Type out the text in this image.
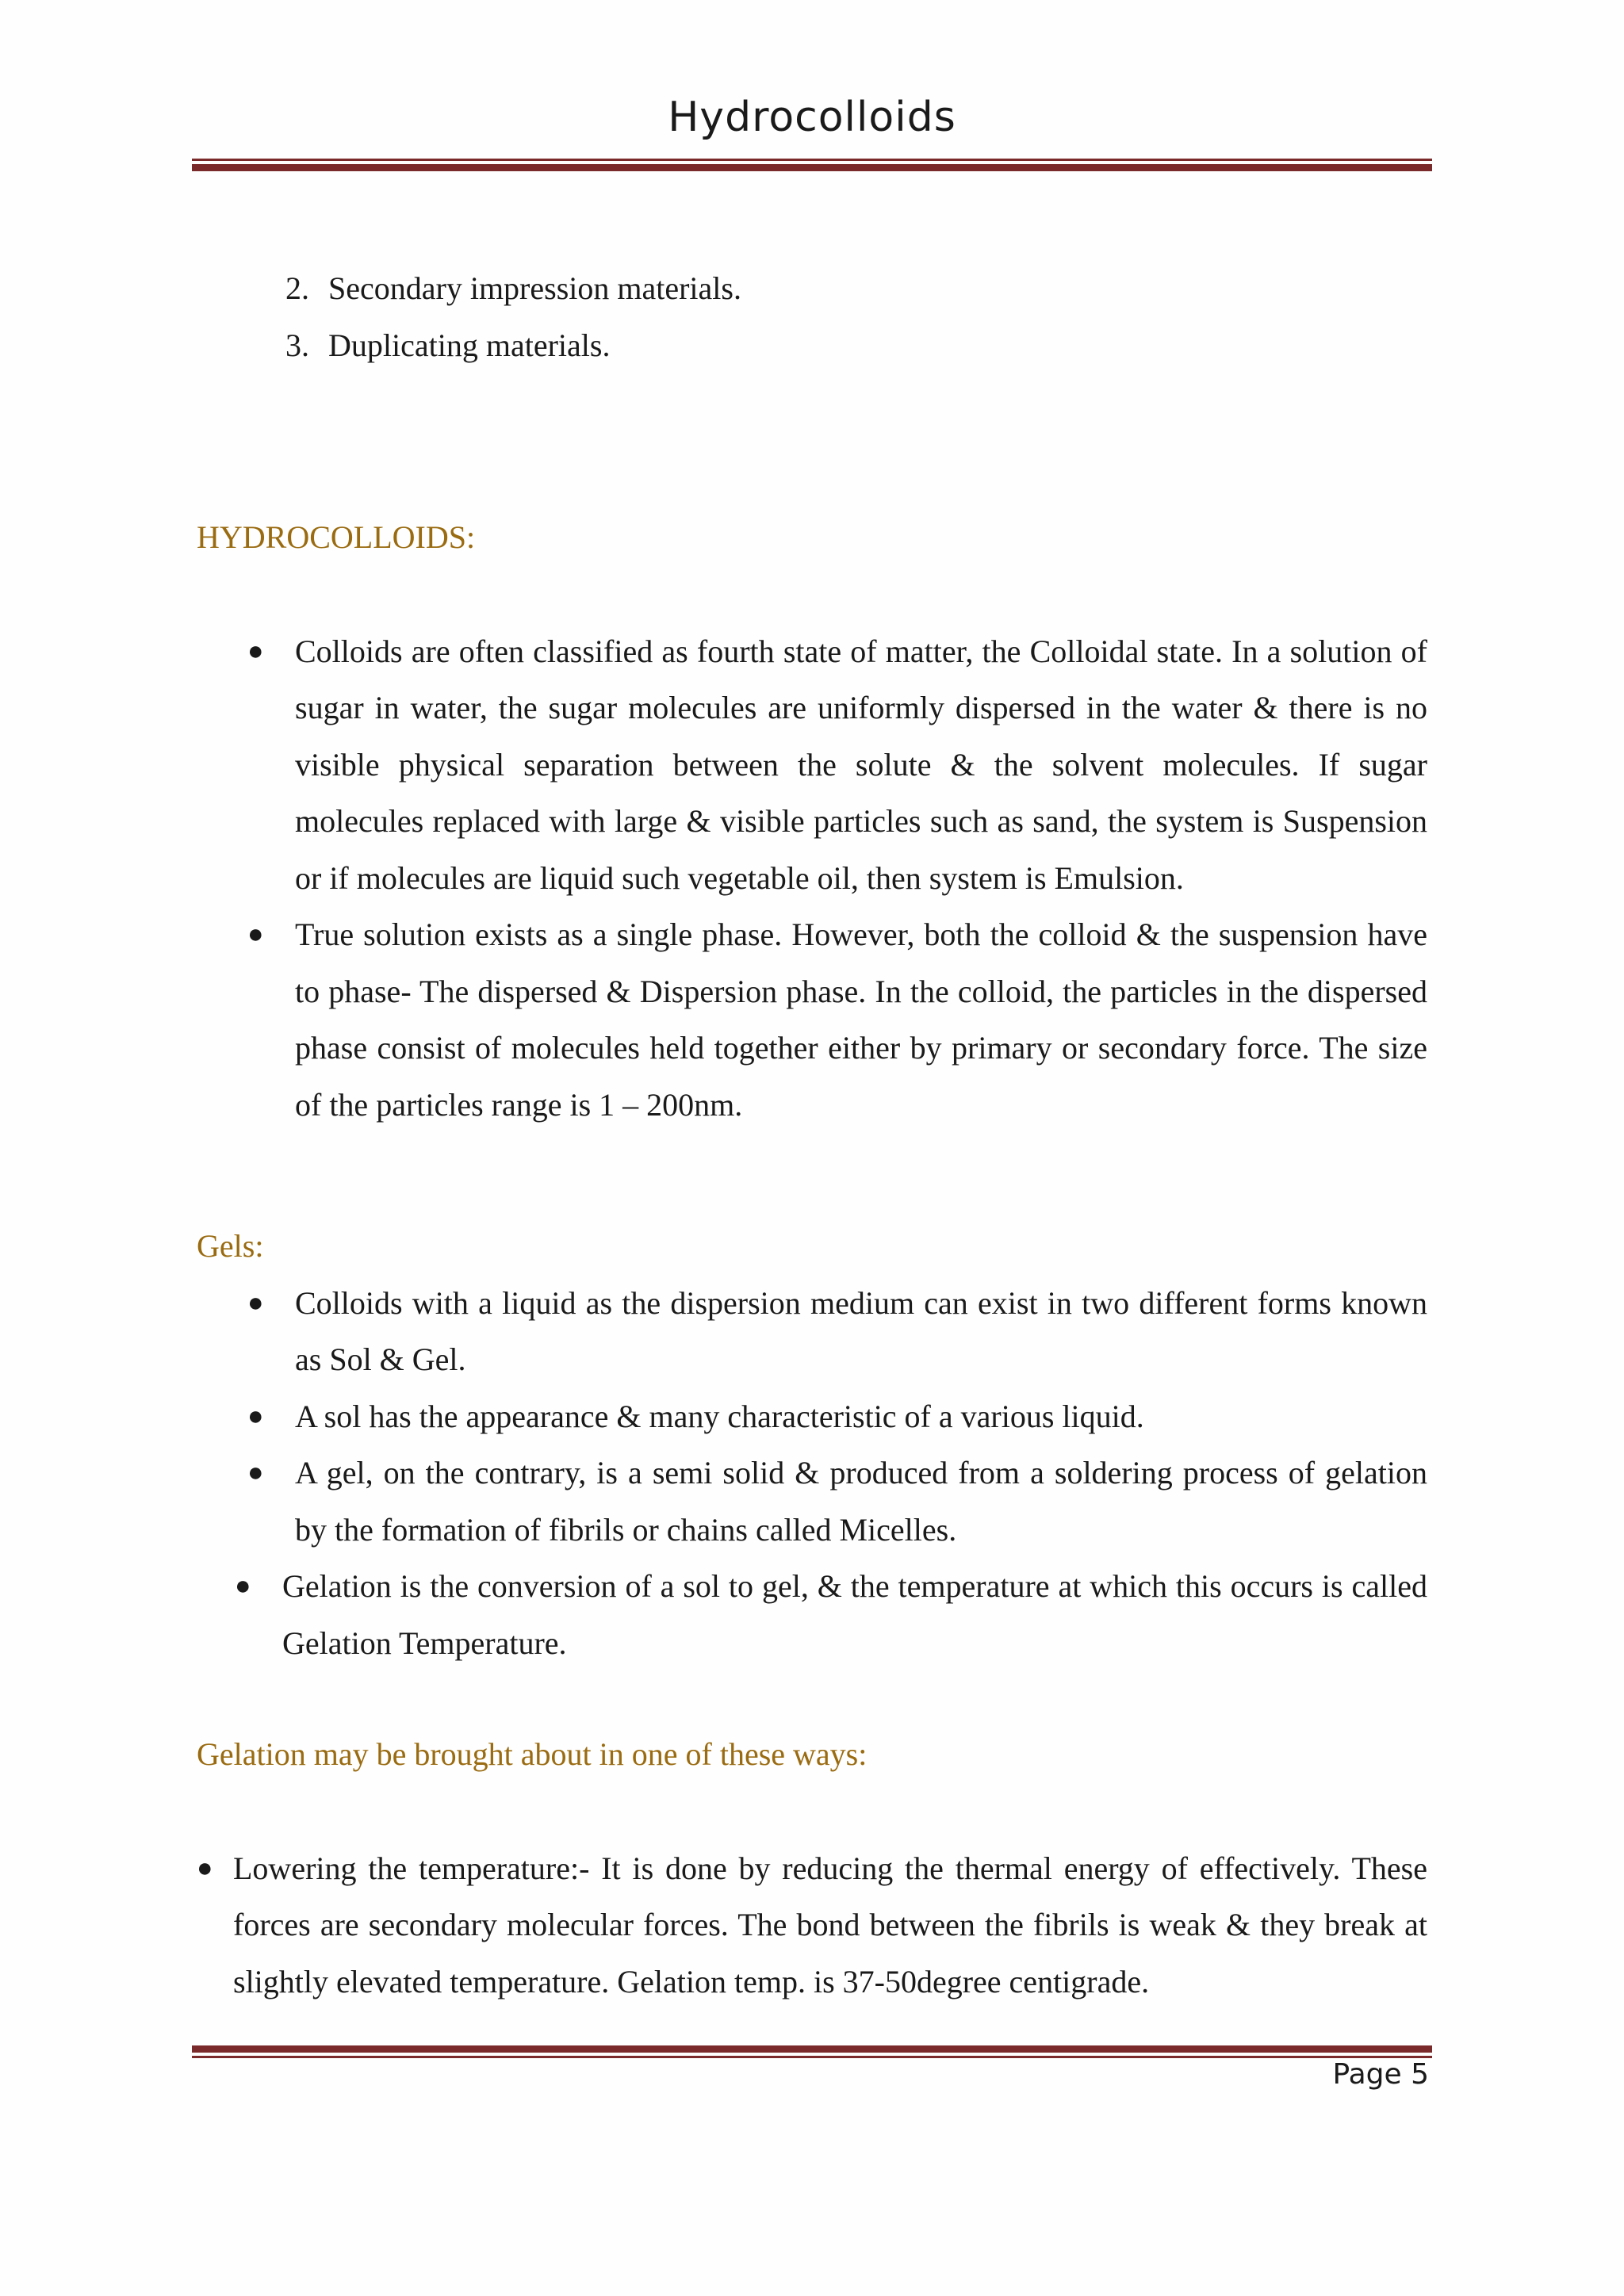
Hydrocolloids
2. Secondary impression materials.
3. Duplicating materials.

HYDROCOLLOIDS:

● Colloids are often classified as fourth state of matter, the Colloidal state. In a solution of sugar in water, the sugar molecules are uniformly dispersed in the water & there is no visible physical separation between the solute & the solvent molecules. If sugar molecules replaced with large & visible particles such as sand, the system is Suspension or if molecules are liquid such vegetable oil, then system is Emulsion.
● True solution exists as a single phase. However, both the colloid & the suspension have to phase- The dispersed & Dispersion phase. In the colloid, the particles in the dispersed phase consist of molecules held together either by primary or secondary force. The size of the particles range is 1 – 200nm.

Gels:

● Colloids with a liquid as the dispersion medium can exist in two different forms known as Sol & Gel.
● A sol has the appearance & many characteristic of a various liquid.
● A gel, on the contrary, is a semi solid & produced from a soldering process of gelation by the formation of fibrils or chains called Micelles.
● Gelation is the conversion of a sol to gel, & the temperature at which this occurs is called Gelation Temperature.

Gelation may be brought about in one of these ways:

● Lowering the temperature:- It is done by reducing the thermal energy of effectively. These forces are secondary molecular forces. The bond between the fibrils is weak & they break at slightly elevated temperature. Gelation temp. is 37-50degree centigrade.
Page 5
